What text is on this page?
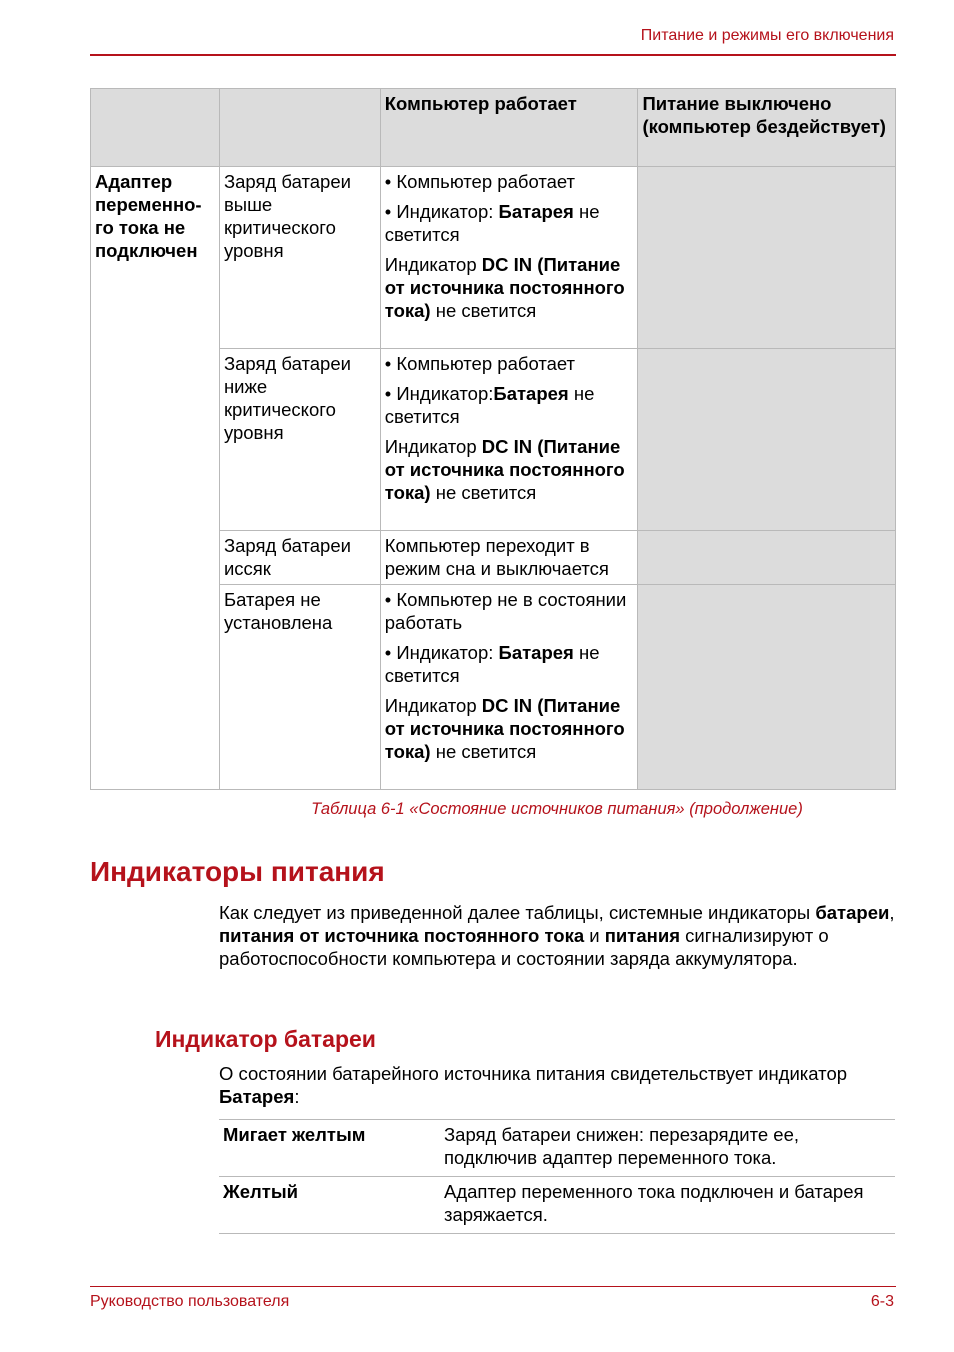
Питание и режимы его включения
		Компьютер работает	Питание выключено (компьютер бездействует)
Адаптер переменно-го тока не подключен	Заряд батареи выше критического уровня	• Компьютер работает
• Индикатор: Батарея не светится
Индикатор DC IN (Питание от источника постоянного тока) не светится	

	Заряд батареи ниже критического уровня	• Компьютер работает
• Индикатор:Батарея не светится
Индикатор DC IN (Питание от источника постоянного тока) не светится	

	Заряд батареи иссяк	Компьютер переходит в режим сна и выключается	

	Батарея не установлена	• Компьютер не в состоянии работать
• Индикатор: Батарея не светится
Индикатор DC IN (Питание от источника постоянного тока) не светится	

Таблица 6-1 «Состояние источников питания» (продолжение)
Индикаторы питания

Как следует из приведенной далее таблицы, системные индикаторы батареи, питания от источника постоянного тока и питания сигнализируют о работоспособности компьютера и состоянии заряда аккумулятора.

Индикатор батареи

О состоянии батарейного источника питания свидетельствует индикатор Батарея:

Мигает желтым	Заряд батареи снижен: перезарядите ее, подключив адаптер переменного тока.
Желтый	Адаптер переменного тока подключен и батарея заряжается.
Руководство пользователя	6-3
